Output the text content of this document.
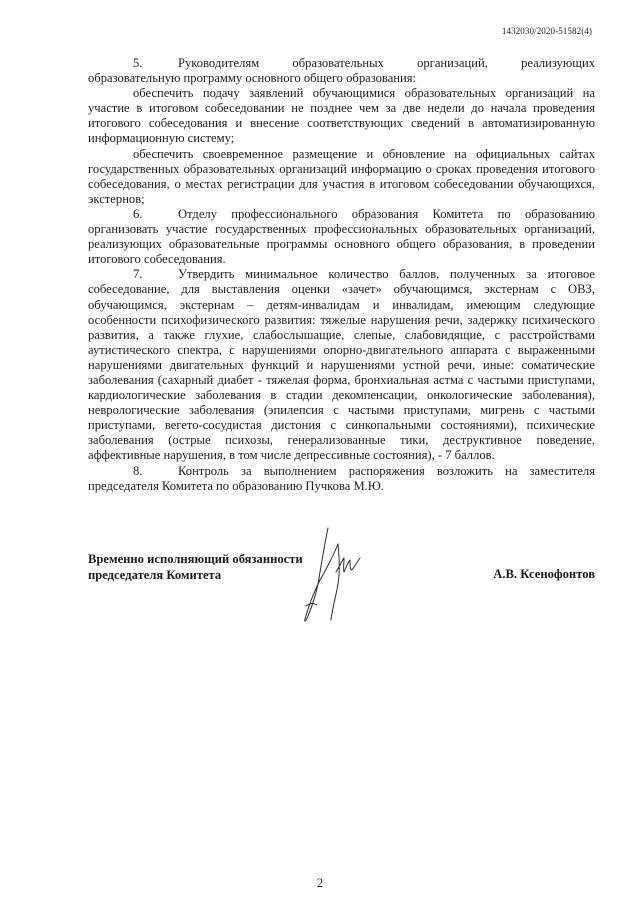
1432030/2020-51582(4)

5.	Руководителям образовательных организаций, реализующих образовательную программу основного общего образования:

обеспечить подачу заявлений обучающимися образовательных организаций на участие в итоговом собеседовании не позднее чем за две недели до начала проведения итогового собеседования и внесение соответствующих сведений в автоматизированную информационную систему;

обеспечить своевременное размещение и обновление на официальных сайтах государственных образовательных организаций информацию о сроках проведения итогового собеседования, о местах регистрации для участия в итоговом собеседовании обучающихся, экстернов;

6.	Отделу профессионального образования Комитета по образованию организовать участие государственных профессиональных образовательных организаций, реализующих образовательные программы основного общего образования, в проведении итогового собеседования.

7.	Утвердить минимальное количество баллов, полученных за итоговое собеседование, для выставления оценки «зачет» обучающимся, экстернам с ОВЗ, обучающимся, экстернам – детям-инвалидам и инвалидам, имеющим следующие особенности психофизического развития: тяжелые нарушения речи, задержку психического развития, а также глухие, слабослышащие, слепые, слабовидящие, с расстройствами аутистического спектра, с нарушениями опорно-двигательного аппарата с выраженными нарушениями двигательных функций и нарушениями устной речи, иные: соматические заболевания (сахарный диабет - тяжелая форма, бронхиальная астма с частыми приступами, кардиологические заболевания в стадии декомпенсации, онкологические заболевания), неврологические заболевания (эпилепсия с частыми приступами, мигрень с частыми приступами, вегето-сосудистая дистония с синкопальными состояниями), психические заболевания (острые психозы, генерализованные тики, деструктивное поведение, аффективные нарушения, в том числе депрессивные состояния), - 7 баллов.

8.	Контроль за выполнением распоряжения возложить на заместителя председателя Комитета по образованию Пучкова М.Ю.

Временно исполняющий обязанности
председателя Комитета	А.В. Ксенофонтов
2
